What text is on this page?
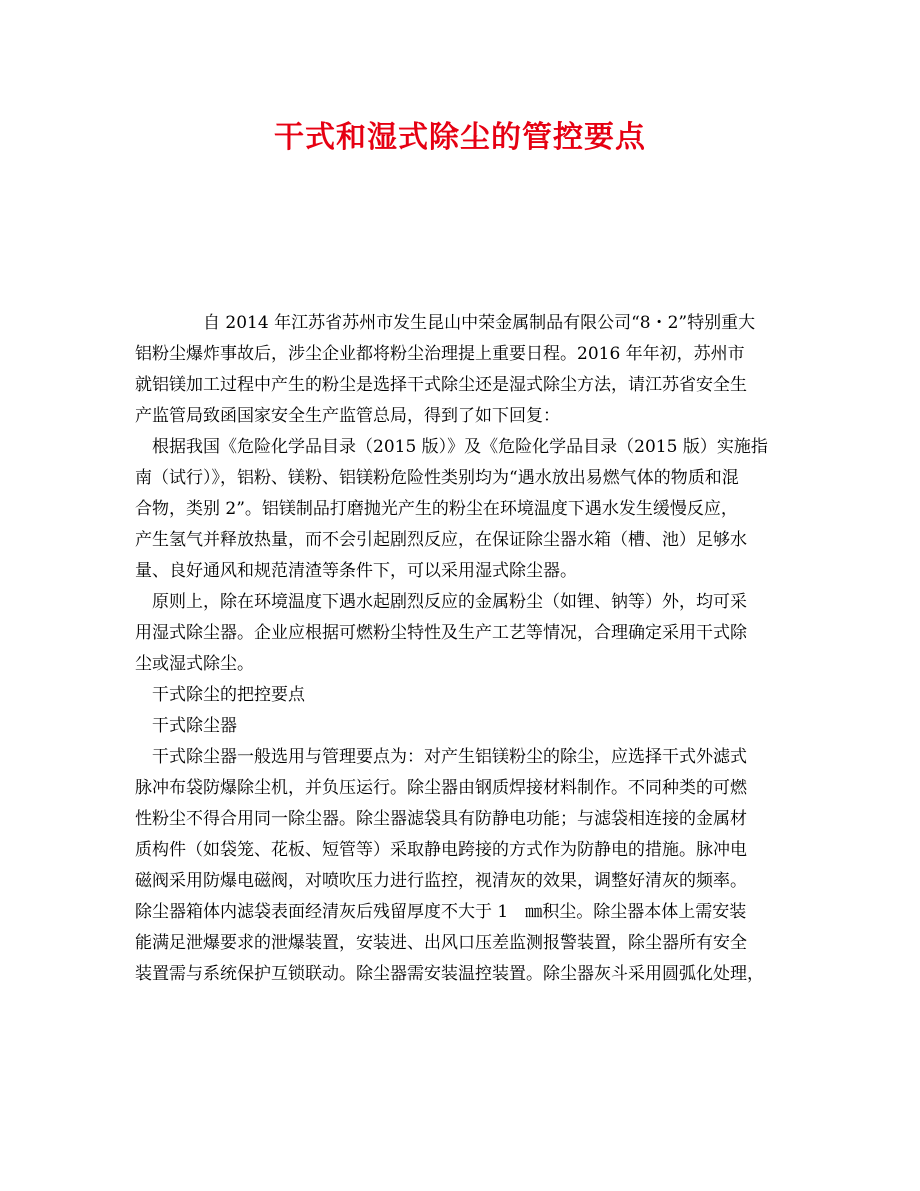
干式和湿式除尘的管控要点
自 2014 年江苏省苏州市发生昆山中荣金属制品有限公司“8・2”特别重大
铝粉尘爆炸事故后，涉尘企业都将粉尘治理提上重要日程。2016 年年初，苏州市
就铝镁加工过程中产生的粉尘是选择干式除尘还是湿式除尘方法，请江苏省安全生
产监管局致函国家安全生产监管总局，得到了如下回复：
根据我国《危险化学品目录（2015 版）》及《危险化学品目录（2015 版）实施指
南（试行）》，铝粉、镁粉、铝镁粉危险性类别均为“遇水放出易燃气体的物质和混
合物，类别 2”。铝镁制品打磨抛光产生的粉尘在环境温度下遇水发生缓慢反应，
产生氢气并释放热量，而不会引起剧烈反应，在保证除尘器水箱（槽、池）足够水
量、良好通风和规范清渣等条件下，可以采用湿式除尘器。
原则上，除在环境温度下遇水起剧烈反应的金属粉尘（如锂、钠等）外，均可采
用湿式除尘器。企业应根据可燃粉尘特性及生产工艺等情况，合理确定采用干式除
尘或湿式除尘。
干式除尘的把控要点
干式除尘器
干式除尘器一般选用与管理要点为：对产生铝镁粉尘的除尘，应选择干式外滤式
脉冲布袋防爆除尘机，并负压运行。除尘器由钢质焊接材料制作。不同种类的可燃
性粉尘不得合用同一除尘器。除尘器滤袋具有防静电功能；与滤袋相连接的金属材
质构件（如袋笼、花板、短管等）采取静电跨接的方式作为防静电的措施。脉冲电
磁阀采用防爆电磁阀，对喷吹压力进行监控，视清灰的效果，调整好清灰的频率。
除尘器箱体内滤袋表面经清灰后残留厚度不大于 1　㎜积尘。除尘器本体上需安装
能满足泄爆要求的泄爆装置，安装进、出风口压差监测报警装置，除尘器所有安全
装置需与系统保护互锁联动。除尘器需安装温控装置。除尘器灰斗采用圆弧化处理，
